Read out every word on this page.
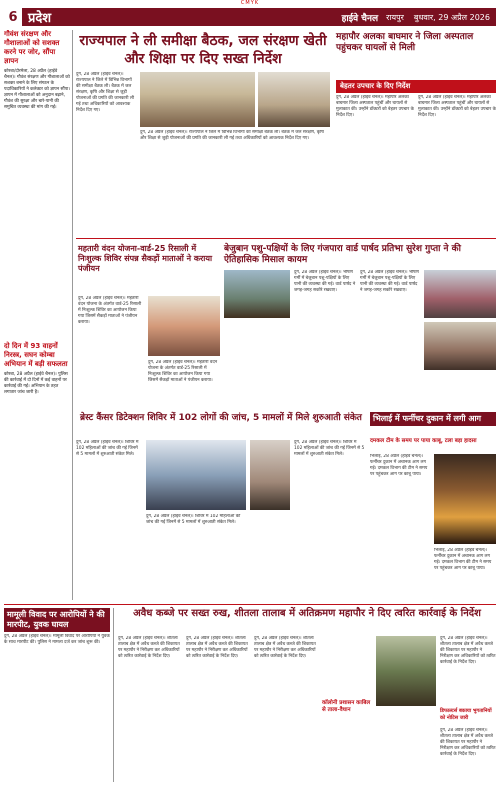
CMYK
6 प्रदेश	हाईवे चैनल रायपुर बुधवार, 29 अप्रैल 2026
गौवंश संरक्षण और गौशालाओं को सशक्त करने पर जोर, सौंपा ज्ञापन
कोरबा/दोरमेला, 28 अप्रैल (हाईवे चैनल)। गौवंश संरक्षण और गौशालाओं को सशक्त बनाने के लिए संगठन के पदाधिकारियों ने कलेक्टर को ज्ञापन सौंपा। ज्ञापन में गौशालाओं को अनुदान बढ़ाने, गौवंश की सुरक्षा और चारे-पानी की समुचित व्यवस्था की मांग की गई।
दो दिन में 93 वाहनों निरस्त्र, सघन कोम्बा अभियान में बड़ी सफलता
कोरबा, 28 अप्रैल (हाईवे चैनल)। पुलिस की कार्रवाई में दो दिनों में कई वाहनों पर कार्रवाई की गई। अभियान के तहत लगातार जांच जारी है।
राज्यपाल ने ली समीक्षा बैठक, जल संरक्षण खेती और शिक्षा पर दिए सख्त निर्देश
दुर्ग, 28 अप्रैल (हाईवे चैनल)। राज्यपाल ने जिले में विभिन्न विभागों की समीक्षा बैठक ली। बैठक में जल संरक्षण, कृषि और शिक्षा से जुड़ी योजनाओं की प्रगति की जानकारी ली गई तथा अधिकारियों को आवश्यक निर्देश दिए गए।
दुर्ग, 28 अप्रैल (हाईवे चैनल)। राज्यपाल ने जिले में विभिन्न विभागों की समीक्षा बैठक ली। बैठक में जल संरक्षण, कृषि और शिक्षा से जुड़ी योजनाओं की प्रगति की जानकारी ली गई तथा अधिकारियों को आवश्यक निर्देश दिए गए।
महापौर अलका बाघमार ने जिला अस्पताल पहुंचकर घायलों से मिली
बेहतर उपचार के दिए निर्देश
दुर्ग, 28 अप्रैल (हाईवे चैनल)। महापौर अलका बाघमार जिला अस्पताल पहुंचीं और घायलों से मुलाकात की। उन्होंने डॉक्टरों को बेहतर उपचार के निर्देश दिए।
दुर्ग, 28 अप्रैल (हाईवे चैनल)। महापौर अलका बाघमार जिला अस्पताल पहुंचीं और घायलों से मुलाकात की। उन्होंने डॉक्टरों को बेहतर उपचार के निर्देश दिए।
महतारी वंदन योजना-वार्ड-25 रिसाली में निःशुल्क शिविर संपन्न सैकड़ों माताओं ने कराया पंजीयन
दुर्ग, 28 अप्रैल (हाईवे चैनल)। महतारी वंदन योजना के अंतर्गत वार्ड-25 रिसाली में निःशुल्क शिविर का आयोजन किया गया जिसमें सैकड़ों माताओं ने पंजीयन कराया।
दुर्ग, 28 अप्रैल (हाईवे चैनल)। महतारी वंदन योजना के अंतर्गत वार्ड-25 रिसाली में निःशुल्क शिविर का आयोजन किया गया जिसमें सैकड़ों माताओं ने पंजीयन कराया।
बेजुबान पशु-पक्षियों के लिए गंजपारा वार्ड पार्षद प्रतिभा सुरेश गुप्ता ने की ऐतिहासिक मिसाल कायम
दुर्ग, 28 अप्रैल (हाईवे चैनल)। भीषण गर्मी में बेजुबान पशु-पक्षियों के लिए पानी की व्यवस्था की गई। वार्ड पार्षद ने जगह-जगह सकोरे रखवाए।
दुर्ग, 28 अप्रैल (हाईवे चैनल)। भीषण गर्मी में बेजुबान पशु-पक्षियों के लिए पानी की व्यवस्था की गई। वार्ड पार्षद ने जगह-जगह सकोरे रखवाए।
ब्रेस्ट कैंसर डिटेक्शन शिविर में 102 लोगों की जांच, 5 मामलों में मिले शुरुआती संकेत
दुर्ग, 28 अप्रैल (हाईवे चैनल)। शिविर में 102 महिलाओं की जांच की गई जिनमें से 5 मामलों में शुरुआती संकेत मिले।
दुर्ग, 28 अप्रैल (हाईवे चैनल)। शिविर में 102 महिलाओं की जांच की गई जिनमें से 5 मामलों में शुरुआती संकेत मिले।
दुर्ग, 28 अप्रैल (हाईवे चैनल)। शिविर में 102 महिलाओं की जांच की गई जिनमें से 5 मामलों में शुरुआती संकेत मिले।
भिलाई में फर्नीचर दुकान में लगी आग
दमकल टीम के समय पर पाया काबू, टला बड़ा हादसा
भिलाई, 28 अप्रैल (हाईवे चैनल)। फर्नीचर दुकान में अचानक आग लग गई। दमकल विभाग की टीम ने समय पर पहुंचकर आग पर काबू पाया।
भिलाई, 28 अप्रैल (हाईवे चैनल)। फर्नीचर दुकान में अचानक आग लग गई। दमकल विभाग की टीम ने समय पर पहुंचकर आग पर काबू पाया।
मामूली विवाद पर आरोपियों ने की मारपीट, युवक घायल
दुर्ग, 28 अप्रैल (हाईवे चैनल)। मामूली विवाद पर आरोपियों ने युवक के साथ मारपीट की। पुलिस ने मामला दर्ज कर जांच शुरू की।
अवैध कब्जे पर सख्त रुख, शीतला तालाब में अतिक्रमण महापौर ने दिए त्वरित कार्रवाई के निर्देश
दुर्ग, 28 अप्रैल (हाईवे चैनल)। शीतला तालाब क्षेत्र में अवैध कब्जे की शिकायत पर महापौर ने निरीक्षण कर अधिकारियों को त्वरित कार्रवाई के निर्देश दिए।
दुर्ग, 28 अप्रैल (हाईवे चैनल)। शीतला तालाब क्षेत्र में अवैध कब्जे की शिकायत पर महापौर ने निरीक्षण कर अधिकारियों को त्वरित कार्रवाई के निर्देश दिए।
दुर्ग, 28 अप्रैल (हाईवे चैनल)। शीतला तालाब क्षेत्र में अवैध कब्जे की शिकायत पर महापौर ने निरीक्षण कर अधिकारियों को त्वरित कार्रवाई के निर्देश दिए।
कॉलोनी प्रशासन काबिल से ताला-वैधान
दुर्ग, 28 अप्रैल (हाईवे चैनल)। शीतला तालाब क्षेत्र में अवैध कब्जे की शिकायत पर महापौर ने निरीक्षण कर अधिकारियों को त्वरित कार्रवाई के निर्देश दिए।
डिफाल्टर्स बकाया भुगतानियों को नोटिस जारी
दुर्ग, 28 अप्रैल (हाईवे चैनल)। शीतला तालाब क्षेत्र में अवैध कब्जे की शिकायत पर महापौर ने निरीक्षण कर अधिकारियों को त्वरित कार्रवाई के निर्देश दिए।
